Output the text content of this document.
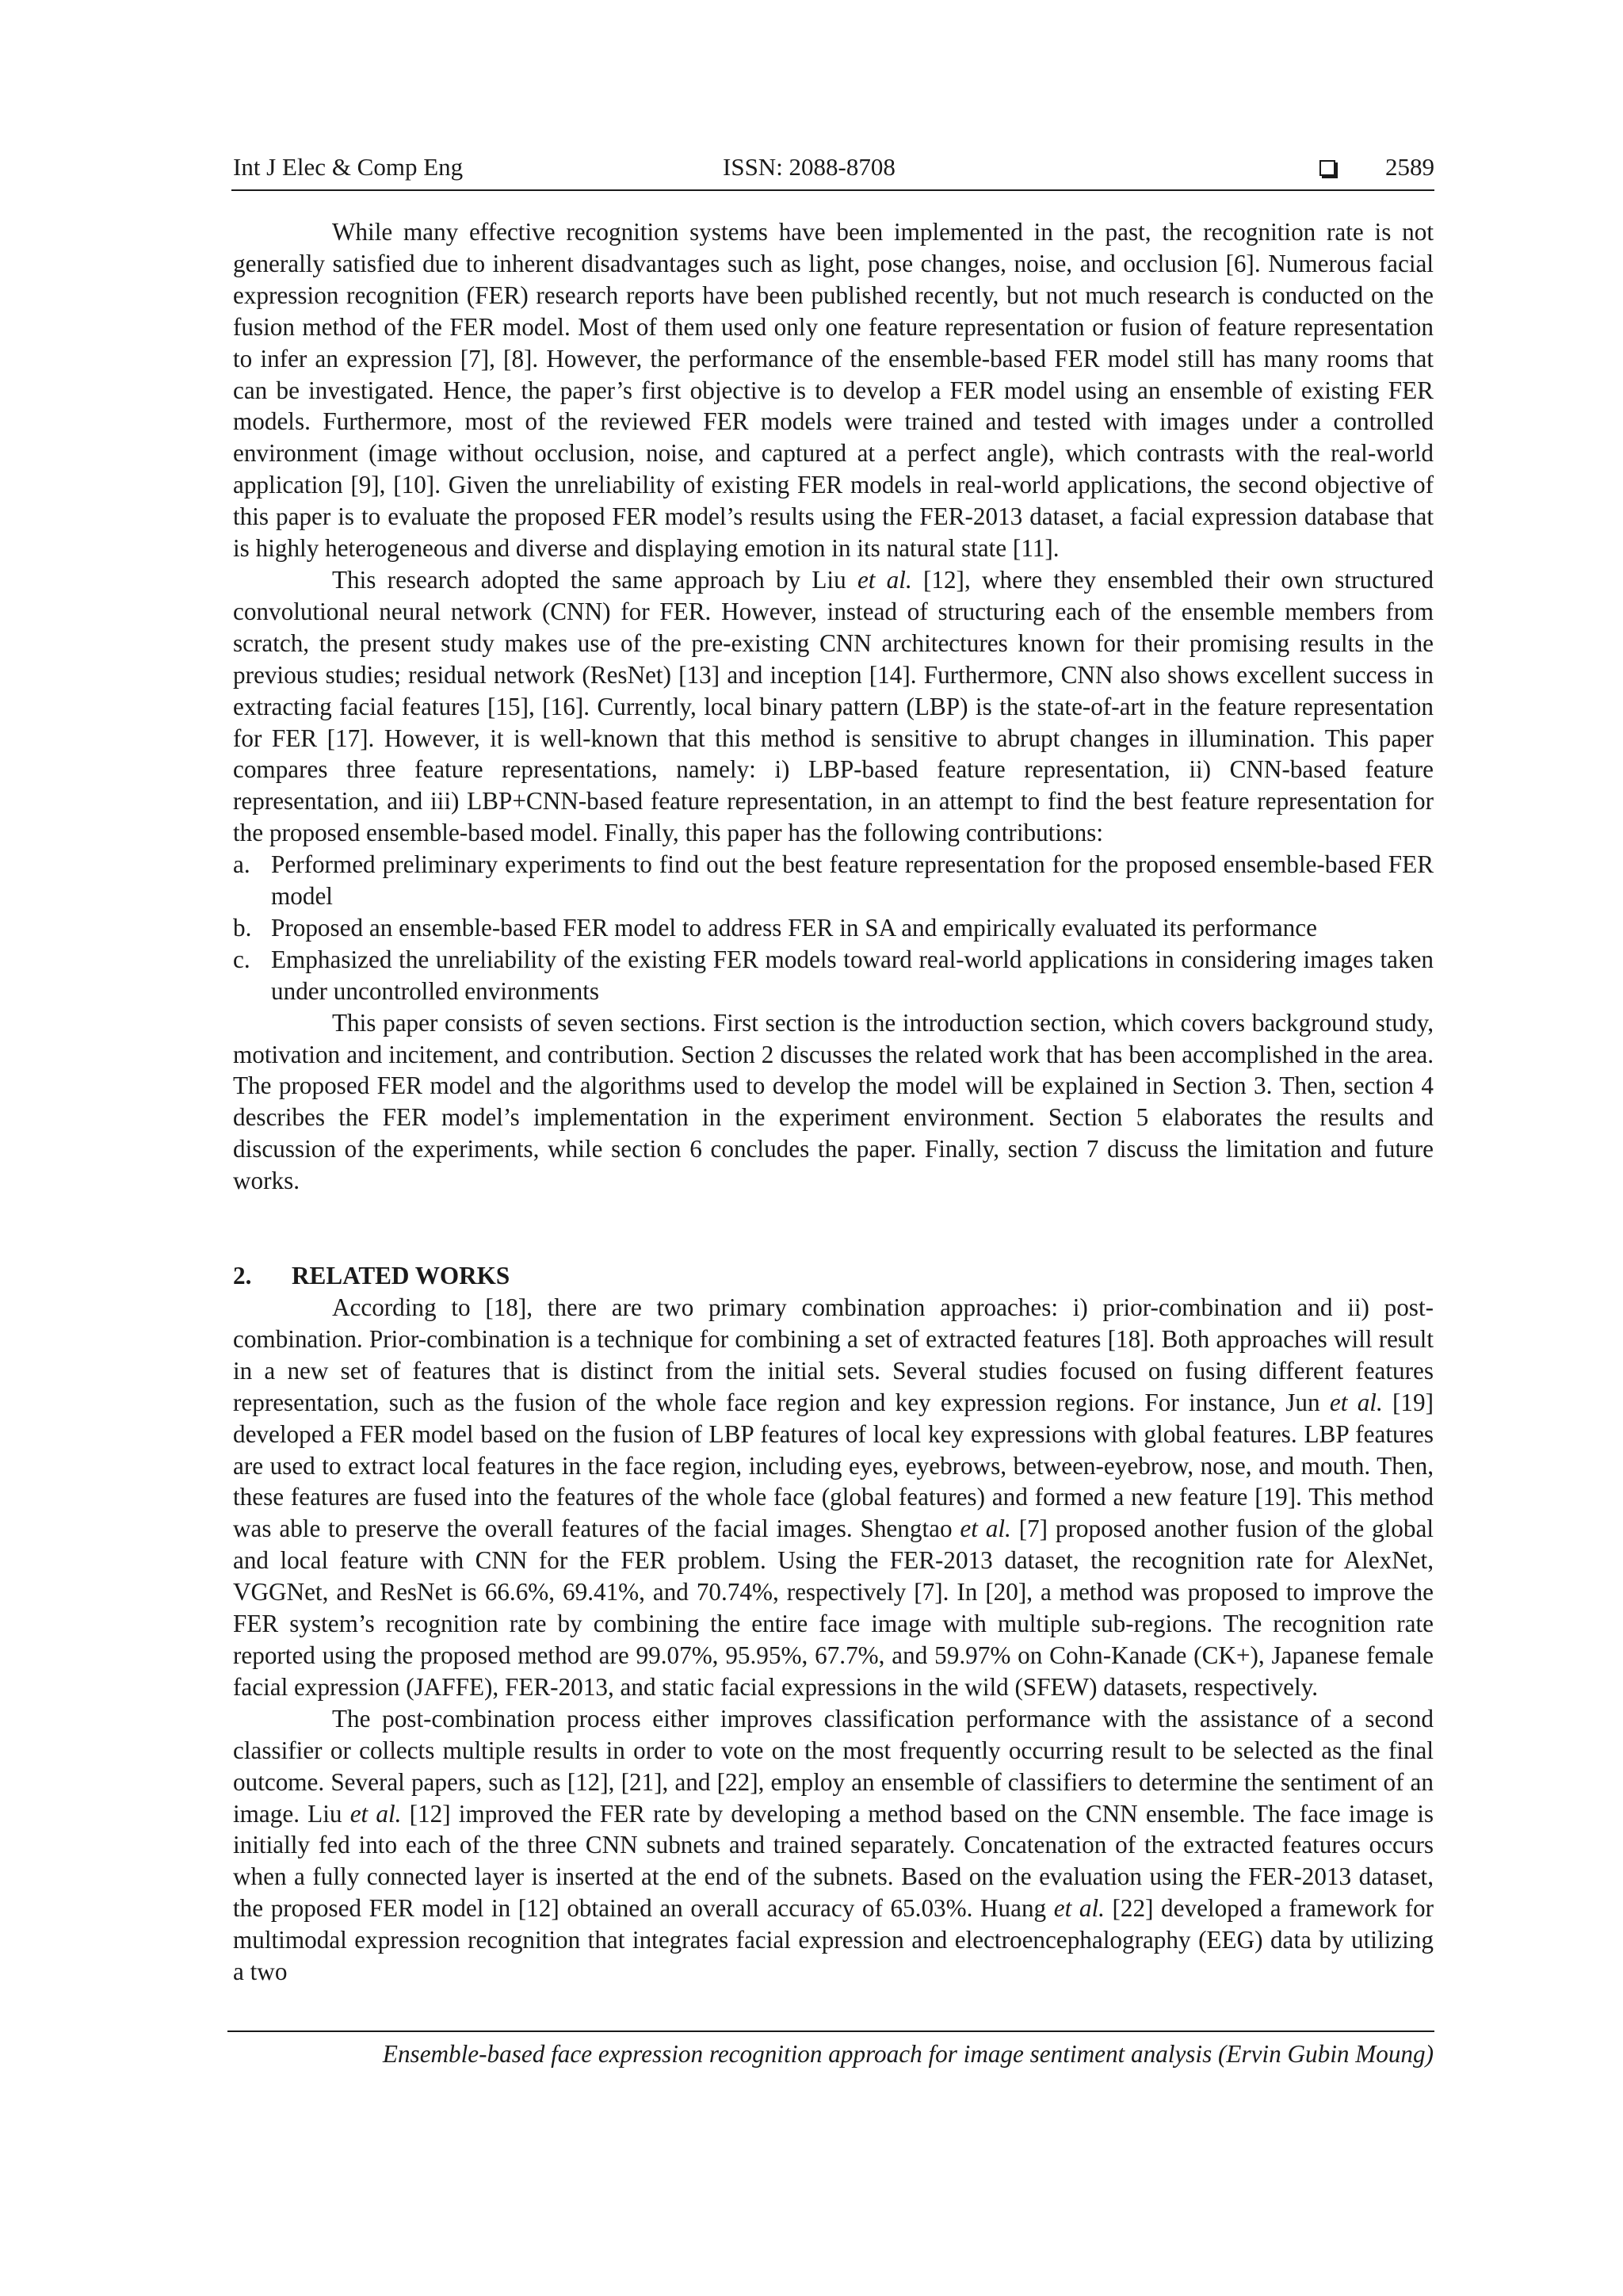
Int J Elec & Comp Eng	ISSN: 2088-8708	2589

While many effective recognition systems have been implemented in the past, the recognition rate is not generally satisfied due to inherent disadvantages such as light, pose changes, noise, and occlusion [6]. Numerous facial expression recognition (FER) research reports have been published recently, but not much research is conducted on the fusion method of the FER model. Most of them used only one feature representation or fusion of feature representation to infer an expression [7], [8]. However, the performance of the ensemble-based FER model still has many rooms that can be investigated. Hence, the paper’s first objective is to develop a FER model using an ensemble of existing FER models. Furthermore, most of the reviewed FER models were trained and tested with images under a controlled environment (image without occlusion, noise, and captured at a perfect angle), which contrasts with the real-world application [9], [10]. Given the unreliability of existing FER models in real-world applications, the second objective of this paper is to evaluate the proposed FER model’s results using the FER-2013 dataset, a facial expression database that is highly heterogeneous and diverse and displaying emotion in its natural state [11].

This research adopted the same approach by Liu et al. [12], where they ensembled their own structured convolutional neural network (CNN) for FER. However, instead of structuring each of the ensemble members from scratch, the present study makes use of the pre-existing CNN architectures known for their promising results in the previous studies; residual network (ResNet) [13] and inception [14]. Furthermore, CNN also shows excellent success in extracting facial features [15], [16]. Currently, local binary pattern (LBP) is the state-of-art in the feature representation for FER [17]. However, it is well-known that this method is sensitive to abrupt changes in illumination. This paper compares three feature representations, namely: i) LBP-based feature representation, ii) CNN-based feature representation, and iii) LBP+CNN-based feature representation, in an attempt to find the best feature representation for the proposed ensemble-based model. Finally, this paper has the following contributions:

a. Performed preliminary experiments to find out the best feature representation for the proposed ensemble-based FER model
b. Proposed an ensemble-based FER model to address FER in SA and empirically evaluated its performance
c. Emphasized the unreliability of the existing FER models toward real-world applications in considering images taken under uncontrolled environments

This paper consists of seven sections. First section is the introduction section, which covers background study, motivation and incitement, and contribution. Section 2 discusses the related work that has been accomplished in the area. The proposed FER model and the algorithms used to develop the model will be explained in Section 3. Then, section 4 describes the FER model’s implementation in the experiment environment. Section 5 elaborates the results and discussion of the experiments, while section 6 concludes the paper. Finally, section 7 discuss the limitation and future works.

2. RELATED WORKS

According to [18], there are two primary combination approaches: i) prior-combination and ii) post-combination. Prior-combination is a technique for combining a set of extracted features [18]. Both approaches will result in a new set of features that is distinct from the initial sets. Several studies focused on fusing different features representation, such as the fusion of the whole face region and key expression regions. For instance, Jun et al. [19] developed a FER model based on the fusion of LBP features of local key expressions with global features. LBP features are used to extract local features in the face region, including eyes, eyebrows, between-eyebrow, nose, and mouth. Then, these features are fused into the features of the whole face (global features) and formed a new feature [19]. This method was able to preserve the overall features of the facial images. Shengtao et al. [7] proposed another fusion of the global and local feature with CNN for the FER problem. Using the FER-2013 dataset, the recognition rate for AlexNet, VGGNet, and ResNet is 66.6%, 69.41%, and 70.74%, respectively [7]. In [20], a method was proposed to improve the FER system’s recognition rate by combining the entire face image with multiple sub-regions. The recognition rate reported using the proposed method are 99.07%, 95.95%, 67.7%, and 59.97% on Cohn-Kanade (CK+), Japanese female facial expression (JAFFE), FER-2013, and static facial expressions in the wild (SFEW) datasets, respectively.

The post-combination process either improves classification performance with the assistance of a second classifier or collects multiple results in order to vote on the most frequently occurring result to be selected as the final outcome. Several papers, such as [12], [21], and [22], employ an ensemble of classifiers to determine the sentiment of an image. Liu et al. [12] improved the FER rate by developing a method based on the CNN ensemble. The face image is initially fed into each of the three CNN subnets and trained separately. Concatenation of the extracted features occurs when a fully connected layer is inserted at the end of the subnets. Based on the evaluation using the FER-2013 dataset, the proposed FER model in [12] obtained an overall accuracy of 65.03%. Huang et al. [22] developed a framework for multimodal expression recognition that integrates facial expression and electroencephalography (EEG) data by utilizing a two

Ensemble-based face expression recognition approach for image sentiment analysis (Ervin Gubin Moung)
